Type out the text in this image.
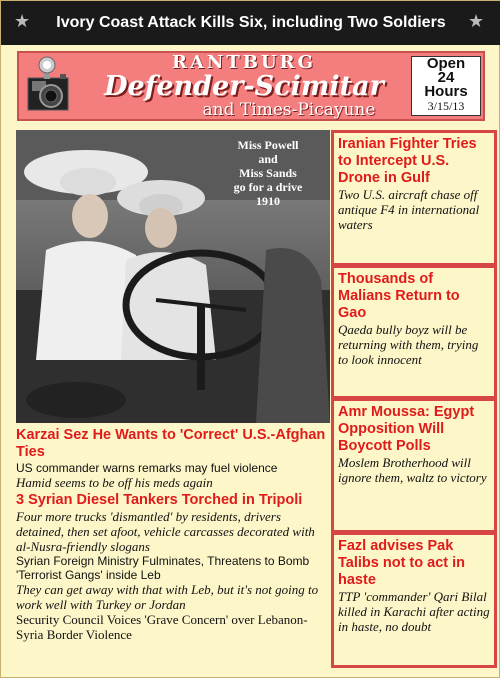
★	Ivory Coast Attack Kills Six, including Two Soldiers	★
RANTBURG
Defender-Scimitar
and Times-Picayune
Open
24
Hours
3/15/13
Miss Powell
and
Miss Sands
go for a drive
1910
Karzai Sez He Wants to 'Correct' U.S.-Afghan Ties
US commander warns remarks may fuel violence
Hamid seems to be off his meds again
3 Syrian Diesel Tankers Torched in Tripoli
Four more trucks 'dismantled' by residents, drivers detained, then set afoot, vehicle carcasses decorated with al-Nusra-friendly slogans
Syrian Foreign Ministry Fulminates, Threatens to Bomb 'Terrorist Gangs' inside Leb
They can get away with that with Leb, but it's not going to work well with Turkey or Jordan
Security Council Voices 'Grave Concern' over Lebanon-Syria Border Violence
Iranian Fighter Tries to Intercept U.S. Drone in Gulf
Two U.S. aircraft chase off antique F4 in international waters
Thousands of Malians Return to Gao
Qaeda bully boyz will be returning with them, trying to look innocent
Amr Moussa: Egypt Opposition Will Boycott Polls
Moslem Brotherhood will ignore them, waltz to victory
Fazl advises Pak Talibs not to act in haste
TTP 'commander' Qari Bilal killed in Karachi after acting in haste, no doubt
